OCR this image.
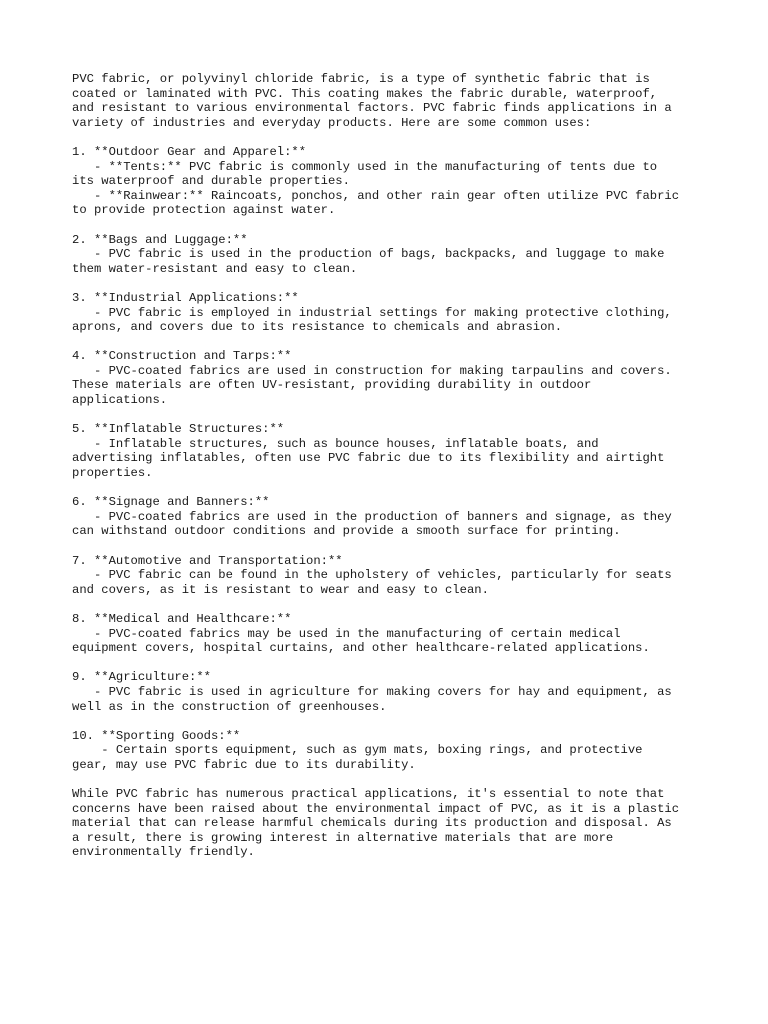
PVC fabric, or polyvinyl chloride fabric, is a type of synthetic fabric that is
coated or laminated with PVC. This coating makes the fabric durable, waterproof,
and resistant to various environmental factors. PVC fabric finds applications in a
variety of industries and everyday products. Here are some common uses:

1. **Outdoor Gear and Apparel:**
- **Tents:** PVC fabric is commonly used in the manufacturing of tents due to
its waterproof and durable properties.
- **Rainwear:** Raincoats, ponchos, and other rain gear often utilize PVC fabric
to provide protection against water.

2. **Bags and Luggage:**
- PVC fabric is used in the production of bags, backpacks, and luggage to make
them water-resistant and easy to clean.

3. **Industrial Applications:**
- PVC fabric is employed in industrial settings for making protective clothing,
aprons, and covers due to its resistance to chemicals and abrasion.

4. **Construction and Tarps:**
- PVC-coated fabrics are used in construction for making tarpaulins and covers.
These materials are often UV-resistant, providing durability in outdoor
applications.

5. **Inflatable Structures:**
- Inflatable structures, such as bounce houses, inflatable boats, and
advertising inflatables, often use PVC fabric due to its flexibility and airtight
properties.

6. **Signage and Banners:**
- PVC-coated fabrics are used in the production of banners and signage, as they
can withstand outdoor conditions and provide a smooth surface for printing.

7. **Automotive and Transportation:**
- PVC fabric can be found in the upholstery of vehicles, particularly for seats
and covers, as it is resistant to wear and easy to clean.

8. **Medical and Healthcare:**
- PVC-coated fabrics may be used in the manufacturing of certain medical
equipment covers, hospital curtains, and other healthcare-related applications.

9. **Agriculture:**
- PVC fabric is used in agriculture for making covers for hay and equipment, as
well as in the construction of greenhouses.

10. **Sporting Goods:**
- Certain sports equipment, such as gym mats, boxing rings, and protective
gear, may use PVC fabric due to its durability.

While PVC fabric has numerous practical applications, it's essential to note that
concerns have been raised about the environmental impact of PVC, as it is a plastic
material that can release harmful chemicals during its production and disposal. As
a result, there is growing interest in alternative materials that are more
environmentally friendly.
